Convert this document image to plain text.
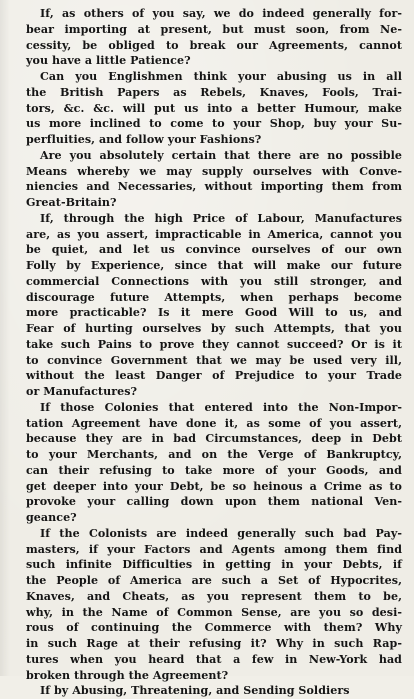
If, as others of you say, we do indeed generally for-
bear importing at present, but must soon, from Ne-
cessity, be obliged to break our Agreements, cannot
you have a little Patience?
Can you Englishmen think your abusing us in all
the British Papers as Rebels, Knaves, Fools, Trai-
tors, &c. &c. will put us into a better Humour, make
us more inclined to come to your Shop, buy your Su-
perfluities, and follow your Fashions?
Are you absolutely certain that there are no possible
Means whereby we may supply ourselves with Conve-
niencies and Necessaries, without importing them from
Great-Britain?
If, through the high Price of Labour, Manufactures
are, as you assert, impracticable in America, cannot you
be quiet, and let us convince ourselves of our own
Folly by Experience, since that will make our future
commercial Connections with you still stronger, and
discourage future Attempts, when perhaps become
more practicable? Is it mere Good Will to us, and
Fear of hurting ourselves by such Attempts, that you
take such Pains to prove they cannot succeed? Or is it
to convince Government that we may be used very ill,
without the least Danger of Prejudice to your Trade
or Manufactures?
If those Colonies that entered into the Non-Impor-
tation Agreement have done it, as some of you assert,
because they are in bad Circumstances, deep in Debt
to your Merchants, and on the Verge of Bankruptcy,
can their refusing to take more of your Goods, and
get deeper into your Debt, be so heinous a Crime as to
provoke your calling down upon them national Ven-
geance?
If the Colonists are indeed generally such bad Pay-
masters, if your Factors and Agents among them find
such infinite Difficulties in getting in your Debts, if
the People of America are such a Set of Hypocrites,
Knaves, and Cheats, as you represent them to be,
why, in the Name of Common Sense, are you so desi-
rous of continuing the Commerce with them? Why
in such Rage at their refusing it? Why in such Rap-
tures when you heard that a few in New-York had
broken through the Agreement?
If by Abusing, Threatening, and Sending Soldiers
